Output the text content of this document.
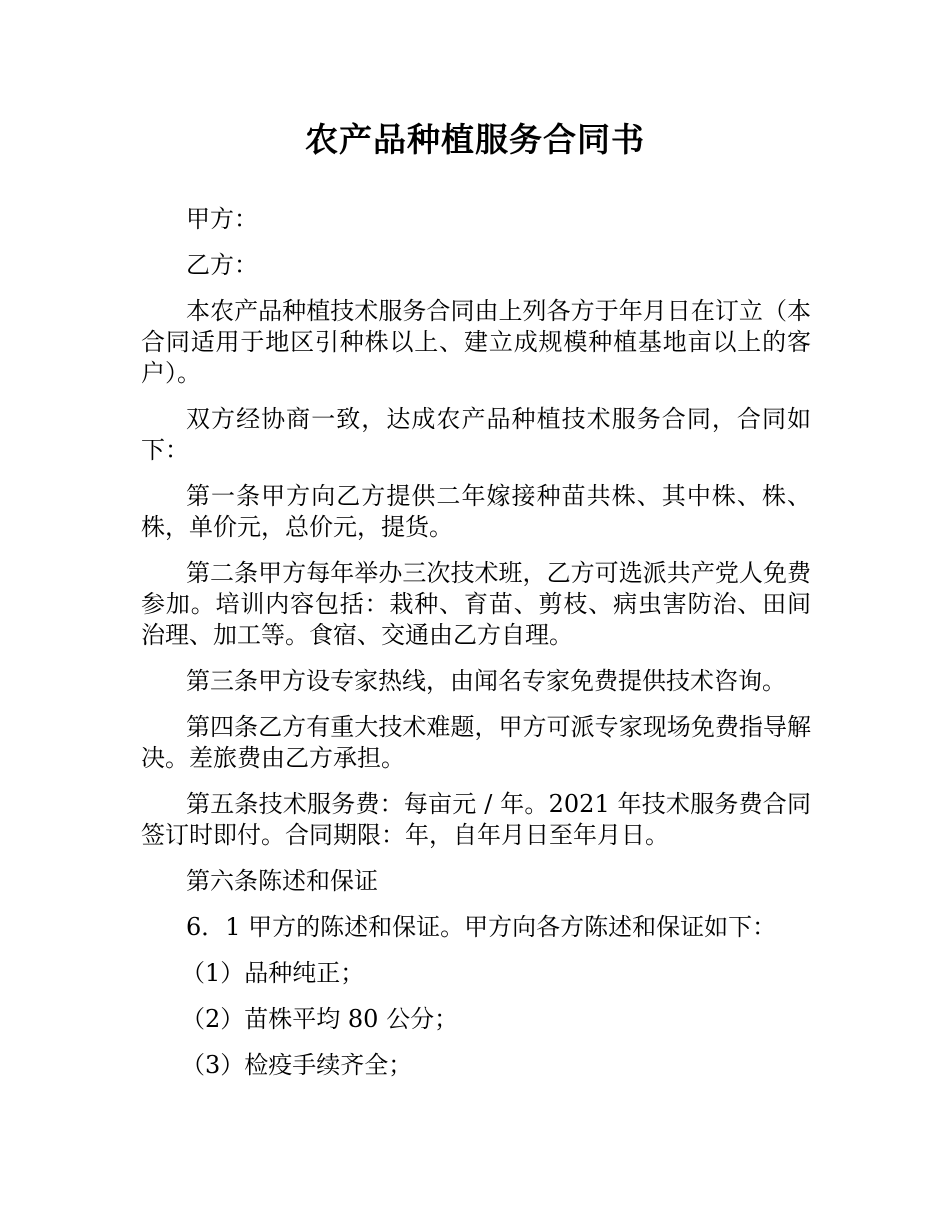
农产品种植服务合同书

甲方：

乙方：

本农产品种植技术服务合同由上列各方于年月日在订立（本合同适用于地区引种株以上、建立成规模种植基地亩以上的客户）。

双方经协商一致，达成农产品种植技术服务合同，合同如下：

第一条甲方向乙方提供二年嫁接种苗共株、其中株、株、株，单价元，总价元，提货。

第二条甲方每年举办三次技术班，乙方可选派共产党人免费参加。培训内容包括：栽种、育苗、剪枝、病虫害防治、田间治理、加工等。食宿、交通由乙方自理。

第三条甲方设专家热线，由闻名专家免费提供技术咨询。

第四条乙方有重大技术难题，甲方可派专家现场免费指导解决。差旅费由乙方承担。

第五条技术服务费：每亩元 / 年。2021 年技术服务费合同签订时即付。合同期限：年，自年月日至年月日。

第六条陈述和保证

6．1 甲方的陈述和保证。甲方向各方陈述和保证如下：

（1）品种纯正；

（2）苗株平均 80 公分；

（3）检疫手续齐全；
